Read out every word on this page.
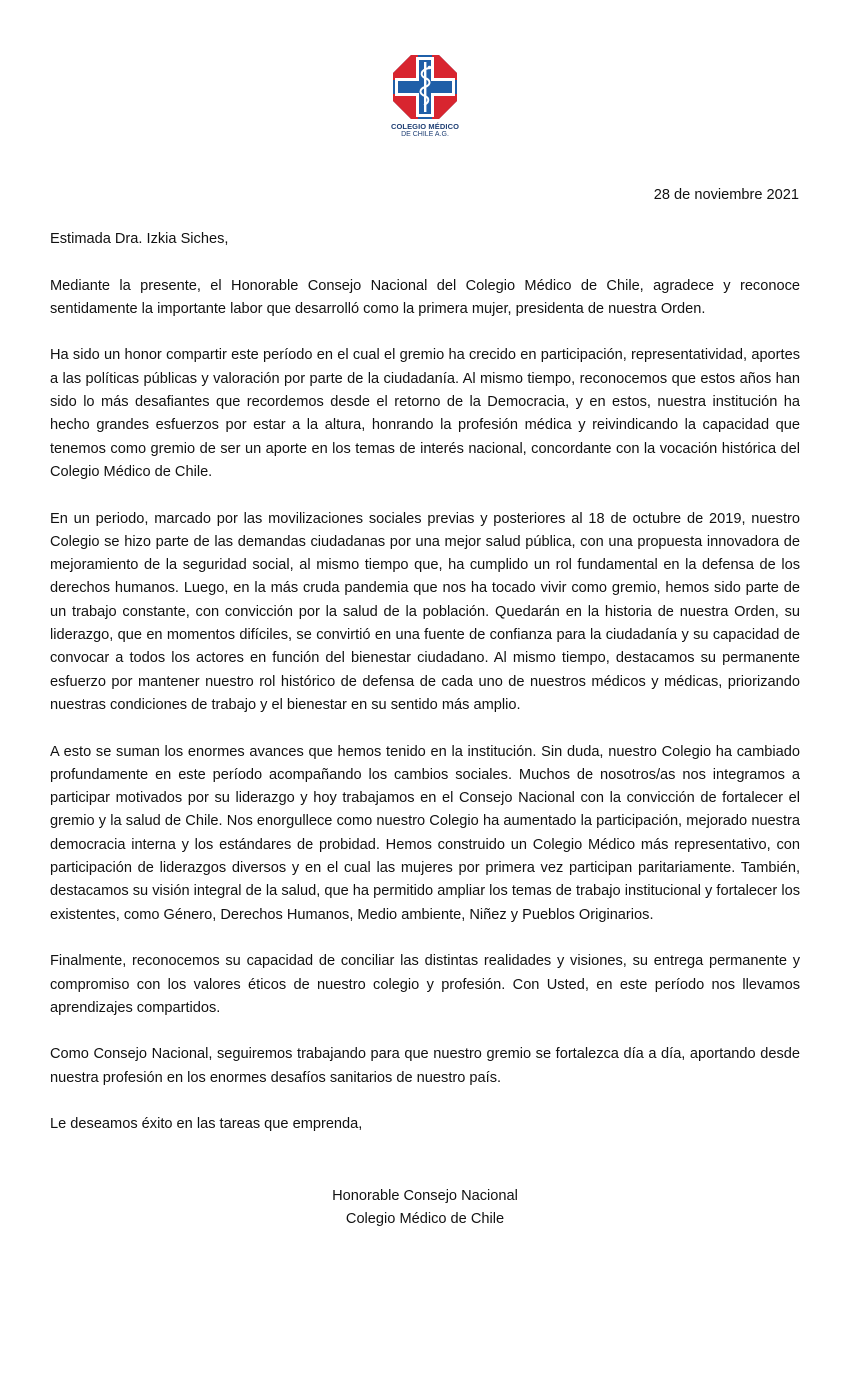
COLEGIO MÉDICO
DE CHILE A.G.
28 de noviembre 2021

Estimada Dra. Izkia Siches,

Mediante la presente, el Honorable Consejo Nacional del Colegio Médico de Chile, agradece y reconoce sentidamente la importante labor que desarrolló como la primera mujer, presidenta de nuestra Orden.

Ha sido un honor compartir este período en el cual el gremio ha crecido en participación, representatividad, aportes a las políticas públicas y valoración por parte de la ciudadanía. Al mismo tiempo, reconocemos que estos años han sido lo más desafiantes que recordemos desde el retorno de la Democracia, y en estos, nuestra institución ha hecho grandes esfuerzos por estar a la altura, honrando la profesión médica y reivindicando la capacidad que tenemos como gremio de ser un aporte en los temas de interés nacional, concordante con la vocación histórica del Colegio Médico de Chile.

En un periodo, marcado por las movilizaciones sociales previas y posteriores al 18 de octubre de 2019, nuestro Colegio se hizo parte de las demandas ciudadanas por una mejor salud pública, con una propuesta innovadora de mejoramiento de la seguridad social, al mismo tiempo que, ha cumplido un rol fundamental en la defensa de los derechos humanos. Luego, en la más cruda pandemia que nos ha tocado vivir como gremio, hemos sido parte de un trabajo constante, con convicción por la salud de la población. Quedarán en la historia de nuestra Orden, su liderazgo, que en momentos difíciles, se convirtió en una fuente de confianza para la ciudadanía y su capacidad de convocar a todos los actores en función del bienestar ciudadano. Al mismo tiempo, destacamos su permanente esfuerzo por mantener nuestro rol histórico de defensa de cada uno de nuestros médicos y médicas, priorizando nuestras condiciones de trabajo y el bienestar en su sentido más amplio.

A esto se suman los enormes avances que hemos tenido en la institución. Sin duda, nuestro Colegio ha cambiado profundamente en este período acompañando los cambios sociales. Muchos de nosotros/as nos integramos a participar motivados por su liderazgo y hoy trabajamos en el Consejo Nacional con la convicción de fortalecer el gremio y la salud de Chile. Nos enorgullece como nuestro Colegio ha aumentado la participación, mejorado nuestra democracia interna y los estándares de probidad. Hemos construido un Colegio Médico más representativo, con participación de liderazgos diversos y en el cual las mujeres por primera vez participan paritariamente. También, destacamos su visión integral de la salud, que ha permitido ampliar los temas de trabajo institucional y fortalecer los existentes, como Género, Derechos Humanos, Medio ambiente, Niñez y Pueblos Originarios.

Finalmente, reconocemos su capacidad de conciliar las distintas realidades y visiones, su entrega permanente y compromiso con los valores éticos de nuestro colegio y profesión. Con Usted, en este período nos llevamos aprendizajes compartidos.

Como Consejo Nacional, seguiremos trabajando para que nuestro gremio se fortalezca día a día, aportando desde nuestra profesión en los enormes desafíos sanitarios de nuestro país.

Le deseamos éxito en las tareas que emprenda,

Honorable Consejo Nacional
Colegio Médico de Chile
